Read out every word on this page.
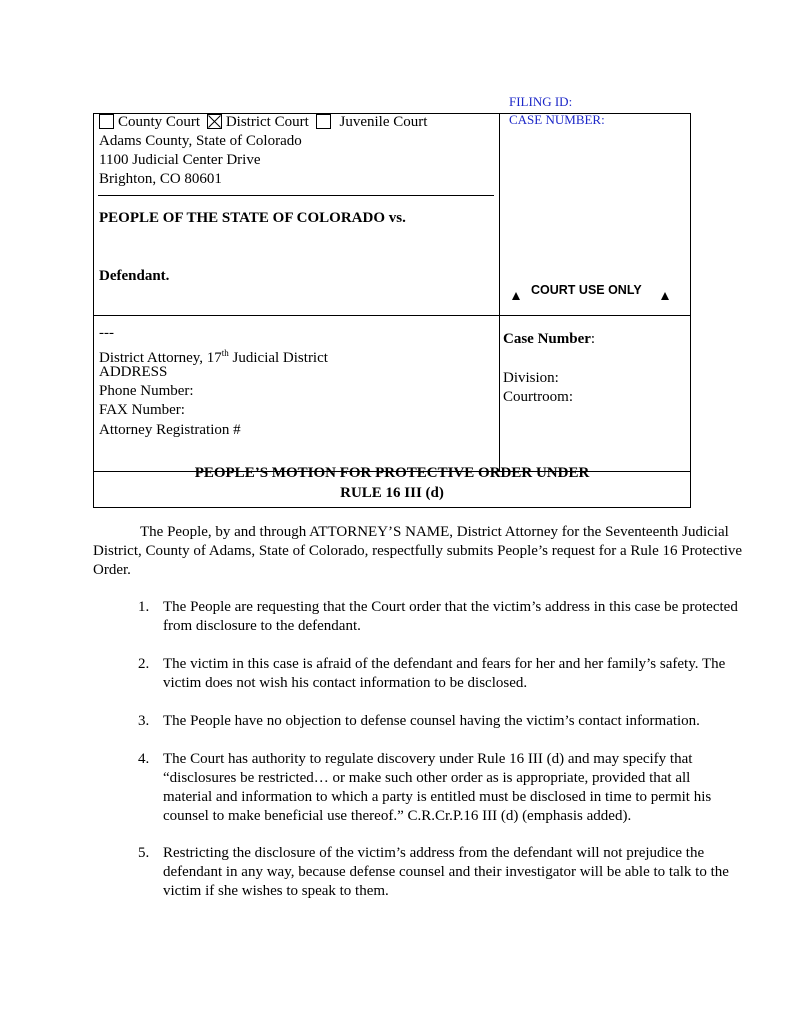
FILING ID:
CASE NUMBER:
County Court District Court Juvenile Court
Adams County, State of Colorado
1100 Judicial Center Drive
Brighton, CO 80601
PEOPLE OF THE STATE OF COLORADO vs.
Defendant.
COURT USE ONLY
---
District Attorney, 17th Judicial District
ADDRESS
Phone Number:
FAX Number:
Attorney Registration #
Case Number:
Division:
Courtroom:
PEOPLE’S MOTION FOR PROTECTIVE ORDER UNDER
RULE 16 III (d)
The People, by and through ATTORNEY’S NAME, District Attorney for the Seventeenth Judicial District, County of Adams, State of Colorado, respectfully submits People’s request for a Rule 16 Protective Order.
1. The People are requesting that the Court order that the victim’s address in this case be protected from disclosure to the defendant.
2. The victim in this case is afraid of the defendant and fears for her and her family’s safety. The victim does not wish his contact information to be disclosed.
3. The People have no objection to defense counsel having the victim’s contact information.
4. The Court has authority to regulate discovery under Rule 16 III (d) and may specify that “disclosures be restricted… or make such other order as is appropriate, provided that all material and information to which a party is entitled must be disclosed in time to permit his counsel to make beneficial use thereof.” C.R.Cr.P.16 III (d) (emphasis added).
5. Restricting the disclosure of the victim’s address from the defendant will not prejudice the defendant in any way, because defense counsel and their investigator will be able to talk to the victim if she wishes to speak to them.
